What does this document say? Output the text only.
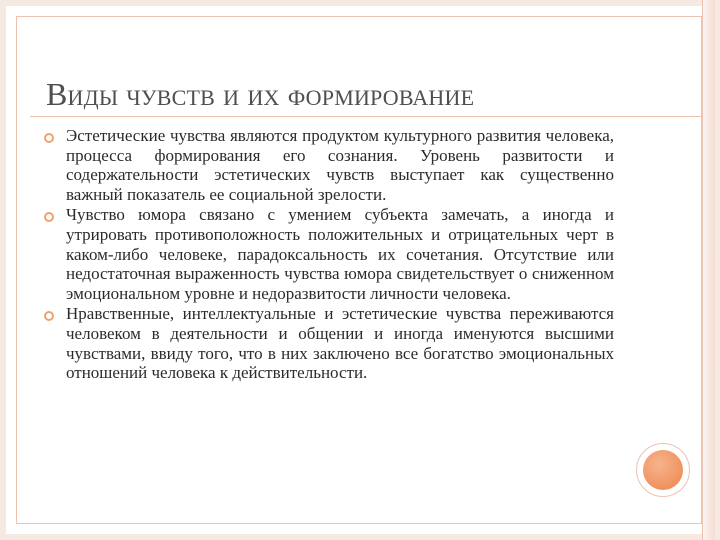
Виды чувств и их формирование
Эстетические чувства являются продуктом культурного развития человека, процесса формирования его сознания. Уровень развитости и содержательности эстетических чувств выступает как существенно важный показатель ее социальной зрелости.
Чувство юмора связано с умением субъекта замечать, а иногда и утрировать противоположность положительных и отрицательных черт в каком-либо человеке, парадоксальность их сочетания. Отсутствие или недостаточная выраженность чувства юмора свидетельствует о сниженном эмоциональном уровне и недоразвитости личности человека.
Нравственные, интеллектуальные и эстетические чувства переживаются человеком в деятельности и общении и иногда именуются высшими чувствами, ввиду того, что в них заключено все богатство эмоциональных отношений человека к действительности.
